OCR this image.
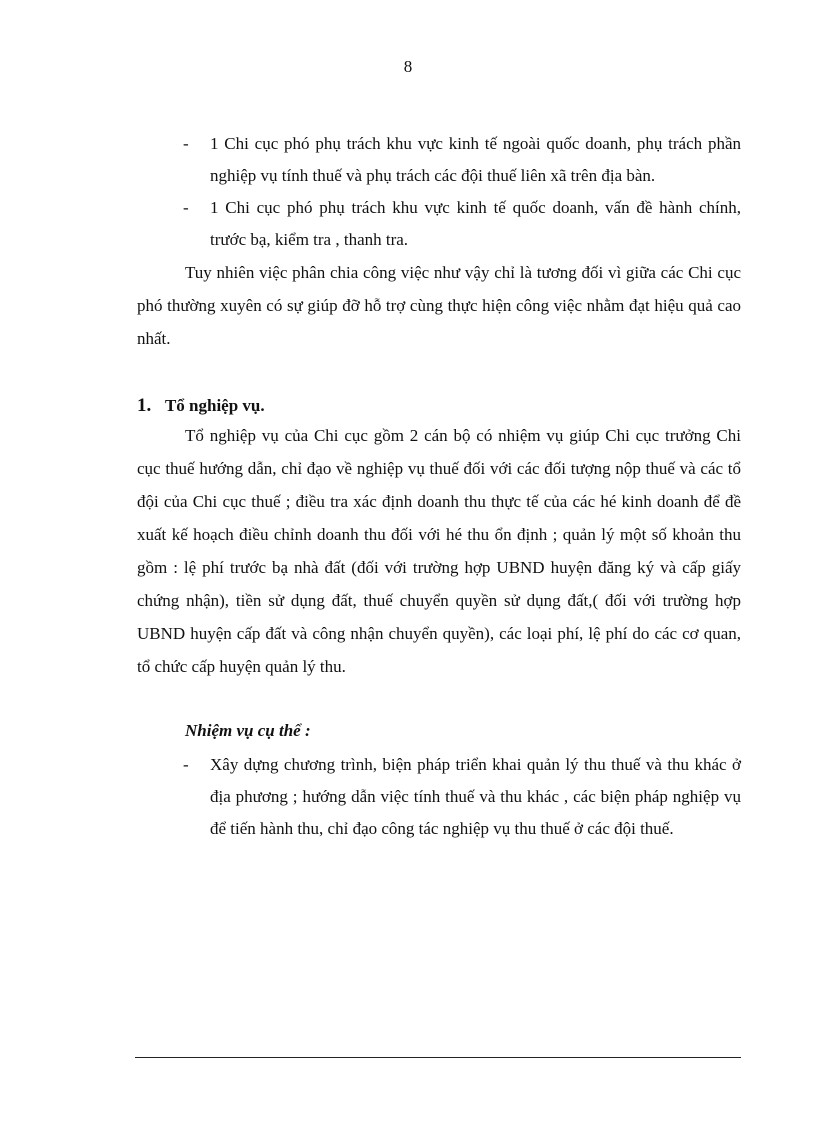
8
- 1 Chi cục phó phụ trách khu vực kinh tế ngoài quốc doanh, phụ trách phần nghiệp vụ tính thuế và phụ trách các đội thuế liên xã trên địa bàn.
- 1 Chi cục phó phụ trách khu vực kinh tế quốc doanh, vấn đề hành chính, trước bạ, kiểm tra , thanh tra.

Tuy nhiên việc phân chia công việc như vậy chỉ là tương đối vì giữa các Chi cục phó thường xuyên có sự giúp đỡ hỗ trợ cùng thực hiện công việc nhằm đạt hiệu quả cao nhất.

1. Tổ nghiệp vụ.

Tổ nghiệp vụ của Chi cục gồm 2 cán bộ có nhiệm vụ giúp Chi cục trưởng Chi cục thuế hướng dẫn, chỉ đạo về nghiệp vụ thuế đối với các đối tượng nộp thuế và các tổ đội của Chi cục thuế ; điều tra xác định doanh thu thực tế của các hé kinh doanh để đề xuất kế hoạch điều chỉnh doanh thu đối với hé thu ổn định ; quản lý một số khoản thu gồm : lệ phí trước bạ nhà đất (đối với trường hợp UBND huyện đăng ký và cấp giấy chứng nhận), tiền sử dụng đất, thuế chuyển quyền sử dụng đất,( đối với trường hợp UBND huyện cấp đất và công nhận chuyển quyền), các loại phí, lệ phí do các cơ quan, tổ chức cấp huyện quản lý thu.

Nhiệm vụ cụ thể :
- Xây dựng chương trình, biện pháp triển khai quản lý thu thuế và thu khác ở địa phương ; hướng dẫn việc tính thuế và thu khác , các biện pháp nghiệp vụ để tiến hành thu, chỉ đạo công tác nghiệp vụ thu thuế ở các đội thuế.
